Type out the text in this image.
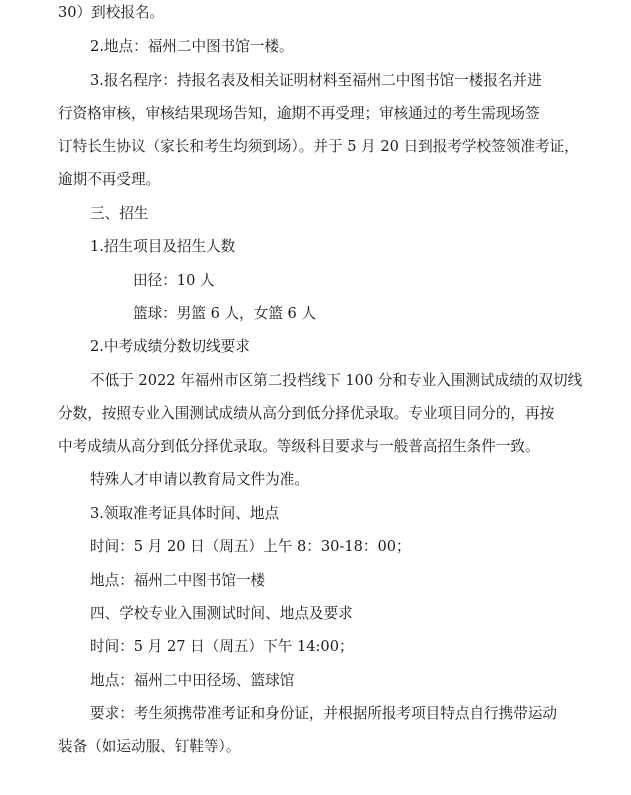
30）到校报名。
2.地点：福州二中图书馆一楼。
3.报名程序：持报名表及相关证明材料至福州二中图书馆一楼报名并进
行资格审核，审核结果现场告知，逾期不再受理；审核通过的考生需现场签
订特长生协议（家长和考生均须到场）。并于 5 月 20 日到报考学校签领准考证，
逾期不再受理。
三、招生
1.招生项目及招生人数
田径：10 人
篮球：男篮 6 人，女篮 6 人
2.中考成绩分数切线要求
不低于 2022 年福州市区第二投档线下 100 分和专业入围测试成绩的双切线
分数，按照专业入围测试成绩从高分到低分择优录取。专业项目同分的，再按
中考成绩从高分到低分择优录取。等级科目要求与一般普高招生条件一致。
特殊人才申请以教育局文件为准。
3.领取准考证具体时间、地点
时间：5 月 20 日（周五）上午 8：30-18：00；
地点：福州二中图书馆一楼
四、学校专业入围测试时间、地点及要求
时间：5 月 27 日（周五）下午 14:00；
地点：福州二中田径场、篮球馆
要求：考生须携带准考证和身份证，并根据所报考项目特点自行携带运动
装备（如运动服、钉鞋等）。
